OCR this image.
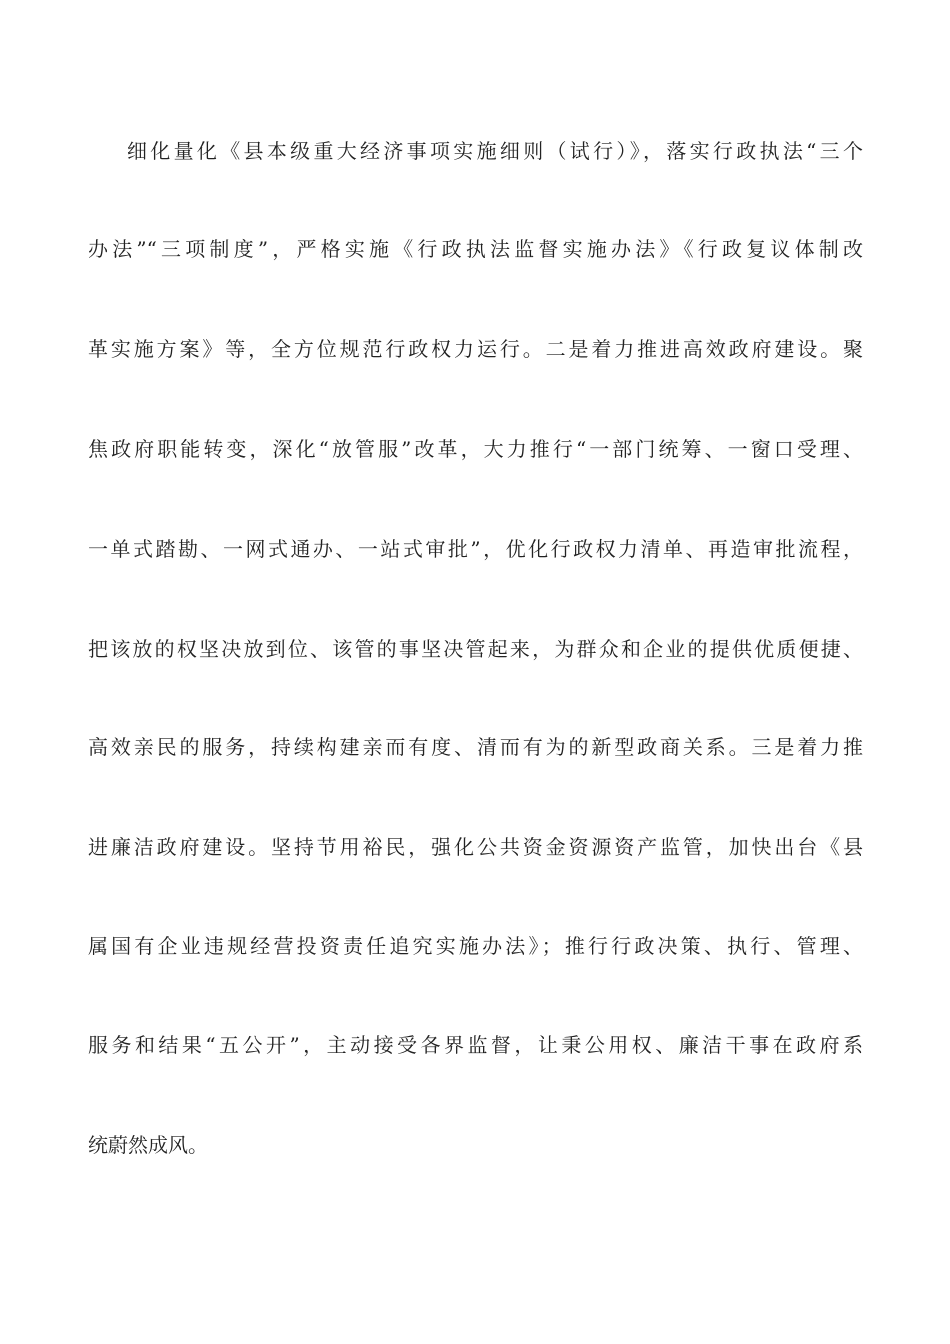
细化量化《县本级重大经济事项实施细则（试行）》，落实行政执法“三个
办法”“三项制度”，严格实施《行政执法监督实施办法》《行政复议体制改
革实施方案》等，全方位规范行政权力运行。二是着力推进高效政府建设。聚
焦政府职能转变，深化“放管服”改革，大力推行“一部门统筹、一窗口受理、
一单式踏勘、一网式通办、一站式审批”，优化行政权力清单、再造审批流程，
把该放的权坚决放到位、该管的事坚决管起来，为群众和企业的提供优质便捷、
高效亲民的服务，持续构建亲而有度、清而有为的新型政商关系。三是着力推
进廉洁政府建设。坚持节用裕民，强化公共资金资源资产监管，加快出台《县
属国有企业违规经营投资责任追究实施办法》；推行行政决策、执行、管理、
服务和结果“五公开”，主动接受各界监督，让秉公用权、廉洁干事在政府系
统蔚然成风。
